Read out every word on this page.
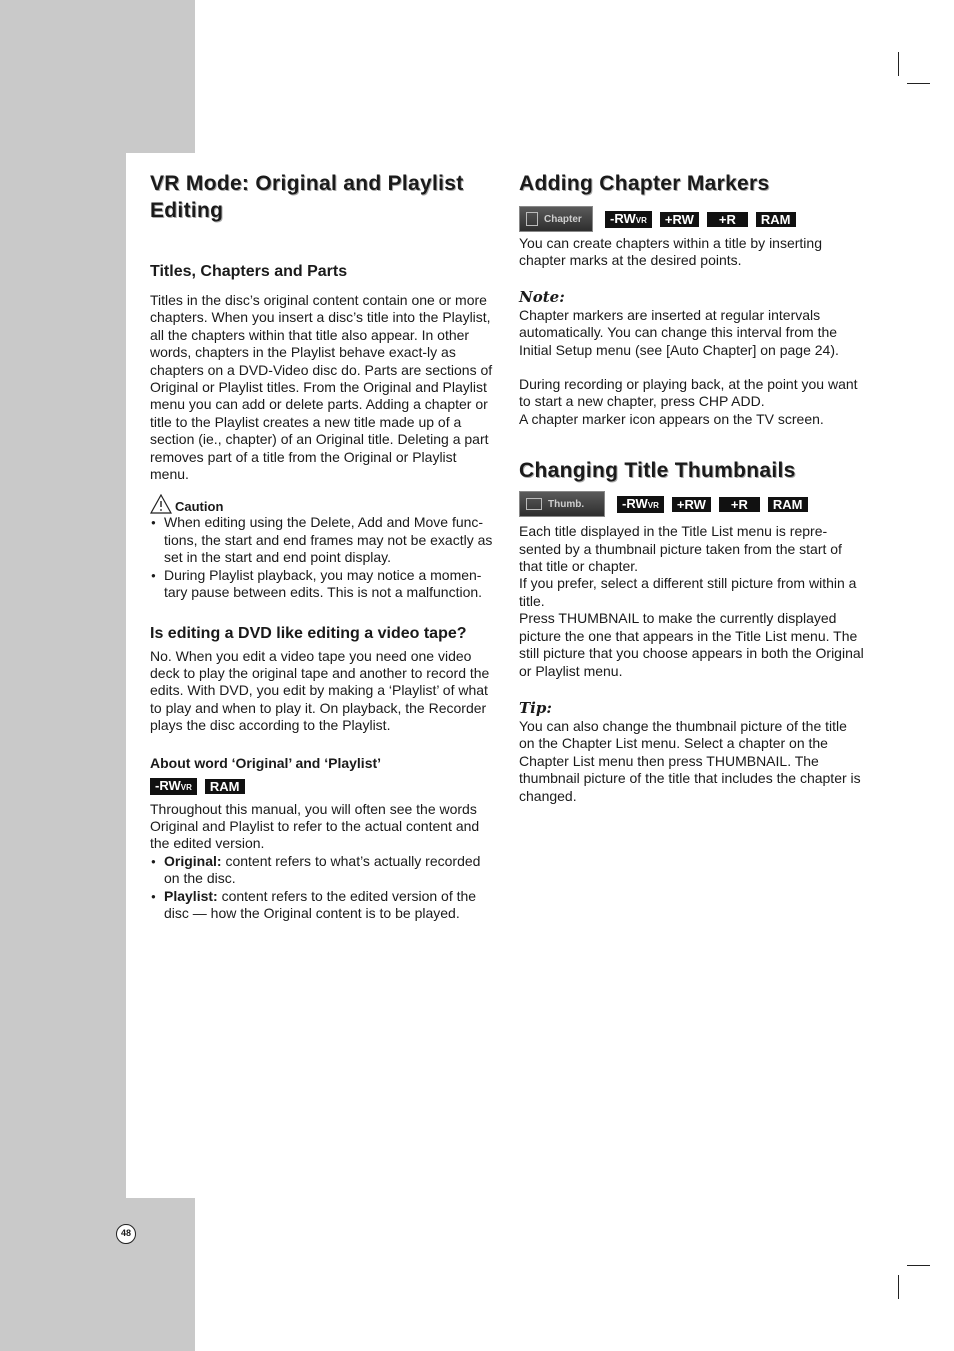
VR Mode: Original and Playlist Editing
Titles, Chapters and Parts

Titles in the disc’s original content contain one or more chapters. When you insert a disc’s title into the Playlist, all the chapters within that title also appear. In other words, chapters in the Playlist behave exact-ly as chapters on a DVD-Video disc do. Parts are sections of Original or Playlist titles. From the Original and Playlist menu you can add or delete parts. Adding a chapter or title to the Playlist creates a new title made up of a section (ie., chapter) of an Original title. Deleting a part removes part of a title from the Original or Playlist menu.

Caution
● When editing using the Delete, Add and Move func-tions, the start and end frames may not be exactly as set in the start and end point display.
● During Playlist playback, you may notice a momen-tary pause between edits. This is not a malfunction.
Is editing a DVD like editing a video tape?

No. When you edit a video tape you need one video deck to play the original tape and another to record the edits. With DVD, you edit by making a ‘Playlist’ of what to play and when to play it. On playback, the Recorder plays the disc according to the Playlist.

About word ‘Original’ and ‘Playlist’
-RWVR	RAM

Throughout this manual, you will often see the words Original and Playlist to refer to the actual content and the edited version.

● Original: content refers to what’s actually recorded on the disc.
● Playlist: content refers to the edited version of the disc — how the Original content is to be played.
Adding Chapter Markers
Chapter	-RWVR	+RW	+R	RAM

You can create chapters within a title by inserting chapter marks at the desired points.

Note:

Chapter markers are inserted at regular intervals automatically. You can change this interval from the Initial Setup menu (see [Auto Chapter] on page 24).

During recording or playing back, at the point you want to start a new chapter, press CHP ADD.

A chapter marker icon appears on the TV screen.

Changing Title Thumbnails
Thumb.	-RWVR	+RW	+R	RAM

Each title displayed in the Title List menu is repre-sented by a thumbnail picture taken from the start of that title or chapter.

If you prefer, select a different still picture from within a title.

Press THUMBNAIL to make the currently displayed picture the one that appears in the Title List menu. The still picture that you choose appears in both the Original or Playlist menu.

Tip:

You can also change the thumbnail picture of the title on the Chapter List menu. Select a chapter on the Chapter List menu then press THUMBNAIL. The thumbnail picture of the title that includes the chapter is changed.

48
